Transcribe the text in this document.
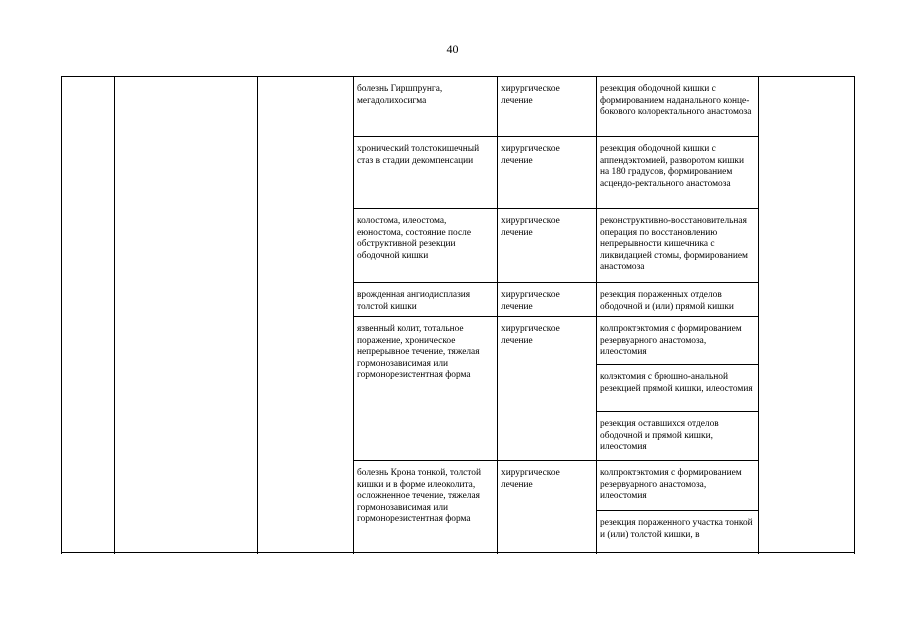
40
			болезнь Гиршпрунга, мегадолихосигма	хирургическое лечение	резекция ободочной кишки с формированием наданального конце-бокового колоректального анастомоза	
			хронический толстокишечный стаз в стадии декомпенсации	хирургическое лечение	резекция ободочной кишки с аппендэктомией, разворотом кишки на 180 градусов, формированием асцендо-ректального анастомоза	
			колостома, илеостома, еюностома, состояние после обструктивной резекции ободочной кишки	хирургическое лечение	реконструктивно-восстановительная операция по восстановлению непрерывности кишечника с ликвидацией стомы, формированием анастомоза	
			врожденная ангиодисплазия толстой кишки	хирургическое лечение	резекция пораженных отделов ободочной и (или) прямой кишки	
			язвенный колит, тотальное поражение, хроническое непрерывное течение, тяжелая гормонозависимая или гормонорезистентная форма	хирургическое лечение	колпроктэктомия с формированием резервуарного анастомоза, илеостомия	
					колэктомия с брюшно-анальной резекцией прямой кишки, илеостомия	
					резекция оставшихся отделов ободочной и прямой кишки, илеостомия	
			болезнь Крона тонкой, толстой кишки и в форме илеоколита, осложненное течение, тяжелая гормонозависимая или гормонорезистентная форма	хирургическое лечение	колпроктэктомия с формированием резервуарного анастомоза, илеостомия	
					резекция пораженного участка тонкой и (или) толстой кишки, в	
